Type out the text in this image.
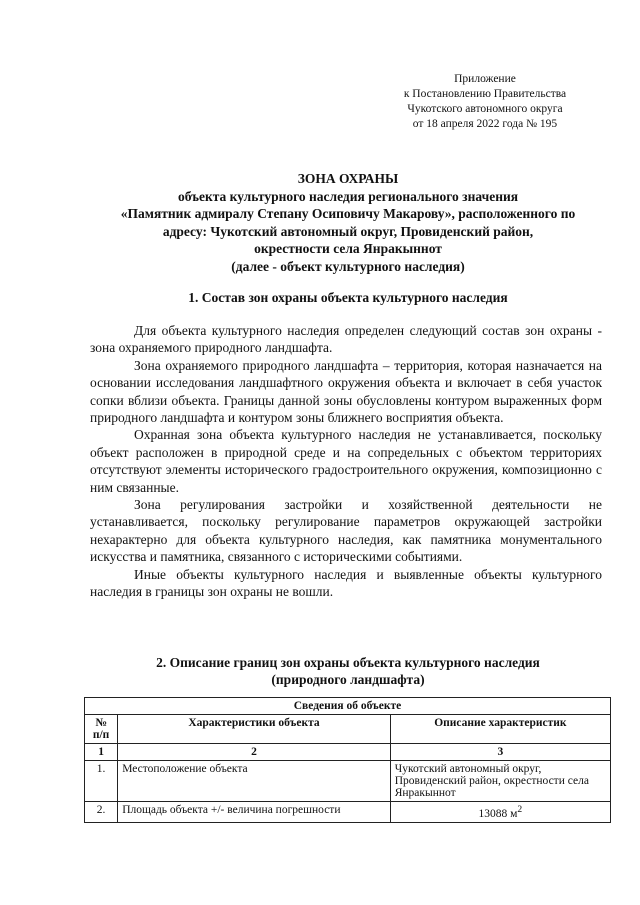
Приложение
к Постановлению Правительства
Чукотского автономного округа
от 18 апреля 2022 года № 195
ЗОНА ОХРАНЫ
объекта культурного наследия регионального значения
«Памятник адмиралу Степану Осиповичу Макарову», расположенного по
адресу: Чукотский автономный округ, Провиденский район,
окрестности села Янракыннот
(далее - объект культурного наследия)
1. Состав зон охраны объекта культурного наследия

Для объекта культурного наследия определен следующий состав зон охраны - зона охраняемого природного ландшафта.

Зона охраняемого природного ландшафта – территория, которая назначается на основании исследования ландшафтного окружения объекта и включает в себя участок сопки вблизи объекта. Границы данной зоны обусловлены контуром выраженных форм природного ландшафта и контуром зоны ближнего восприятия объекта.

Охранная зона объекта культурного наследия не устанавливается, поскольку объект расположен в природной среде и на сопредельных с объектом территориях отсутствуют элементы исторического градостроительного окружения, композиционно с ним связанные.

Зона регулирования застройки и хозяйственной деятельности не устанавливается, поскольку регулирование параметров окружающей застройки нехарактерно для объекта культурного наследия, как памятника монументального искусства и памятника, связанного с историческими событиями.

Иные объекты культурного наследия и выявленные объекты культурного наследия в границы зон охраны не вошли.

2. Описание границ зон охраны объекта культурного наследия
(природного ландшафта)
Сведения об объекте		
№ п/п	Характеристики объекта	Описание характеристик
1	2	3
1.	Местоположение объекта	Чукотский автономный округ, Провиденский район, окрестности села Янракыннот
2.	Площадь объекта +/- величина погрешности	13088 $м^2$
